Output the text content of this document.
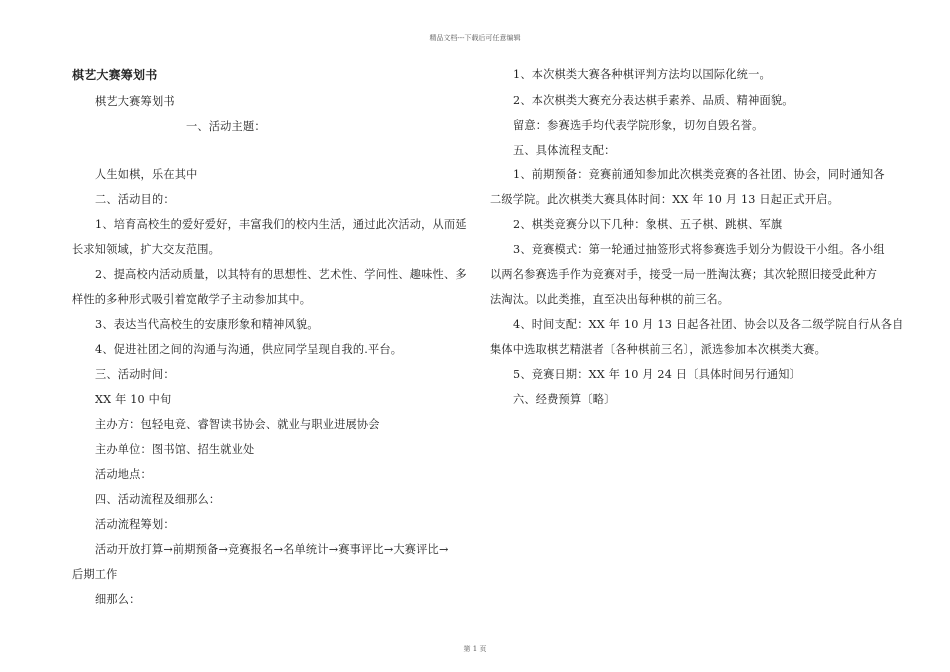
精品文档---下载后可任意编辑
棋艺大赛筹划书
棋艺大赛筹划书
一、活动主题：
人生如棋，乐在其中
二、活动目的：
1、培育高校生的爱好爱好，丰富我们的校内生活，通过此次活动，从而延
长求知领域，扩大交友范围。
2、提高校内活动质量，以其特有的思想性、艺术性、学问性、趣味性、多
样性的多种形式吸引着宽敞学子主动参加其中。
3、表达当代高校生的安康形象和精神风貌。
4、促进社团之间的沟通与沟通，供应同学呈现自我的.平台。
三、活动时间：
XX 年 10 中旬
主办方：包轻电竞、睿智读书协会、就业与职业进展协会
主办单位：图书馆、招生就业处
活动地点：
四、活动流程及细那么：
活动流程筹划：
活动开放打算→前期预备→竞赛报名→名单统计→赛事评比→大赛评比→
后期工作
细那么：
1、本次棋类大赛各种棋评判方法均以国际化统一。
2、本次棋类大赛充分表达棋手素养、品质、精神面貌。
留意：参赛选手均代表学院形象，切勿自毁名誉。
五、具体流程支配：
1、前期预备：竞赛前通知参加此次棋类竞赛的各社团、协会，同时通知各
二级学院。此次棋类大赛具体时间：XX 年 10 月 13 日起正式开启。
2、棋类竞赛分以下几种：象棋、五子棋、跳棋、军旗
3、竞赛模式：第一轮通过抽签形式将参赛选手划分为假设干小组。各小组
以两名参赛选手作为竞赛对手，接受一局一胜淘汰赛；其次轮照旧接受此种方
法淘汰。以此类推，直至决出每种棋的前三名。
4、时间支配：XX 年 10 月 13 日起各社团、协会以及各二级学院自行从各自
集体中选取棋艺精湛者〔各种棋前三名〕，派选参加本次棋类大赛。
5、竞赛日期：XX 年 10 月 24 日〔具体时间另行通知〕
六、经费预算〔略〕
第 1 页
